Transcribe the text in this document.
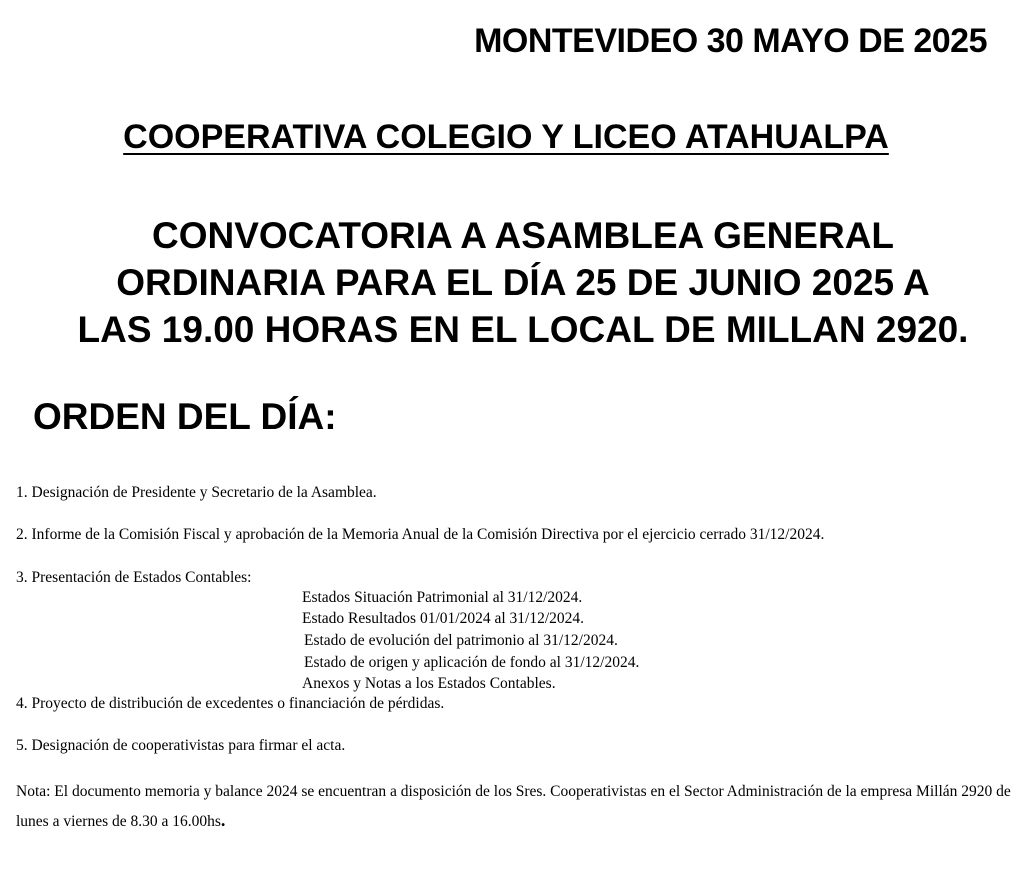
MONTEVIDEO 30 MAYO DE 2025
COOPERATIVA COLEGIO Y LICEO ATAHUALPA
CONVOCATORIA A ASAMBLEA GENERAL
ORDINARIA PARA EL DÍA 25 DE JUNIO 2025 A
LAS 19.00 HORAS EN EL LOCAL DE MILLAN 2920.
ORDEN DEL DÍA:
1. Designación de Presidente y Secretario de la Asamblea.
2. Informe de la Comisión Fiscal y aprobación de la Memoria Anual de la Comisión Directiva por el ejercicio cerrado 31/12/2024.
3. Presentación de Estados Contables:
Estados Situación Patrimonial al 31/12/2024.
Estado Resultados 01/01/2024 al 31/12/2024.
Estado de evolución del patrimonio al 31/12/2024.
Estado de origen y aplicación de fondo al 31/12/2024.
Anexos y Notas a los Estados Contables.
4. Proyecto de distribución de excedentes o financiación de pérdidas.
5. Designación de cooperativistas para firmar el acta.
Nota: El documento memoria y balance 2024 se encuentran a disposición de los Sres. Cooperativistas en el Sector Administración de la empresa Millán 2920 de lunes a viernes de 8.30 a 16.00hs.
